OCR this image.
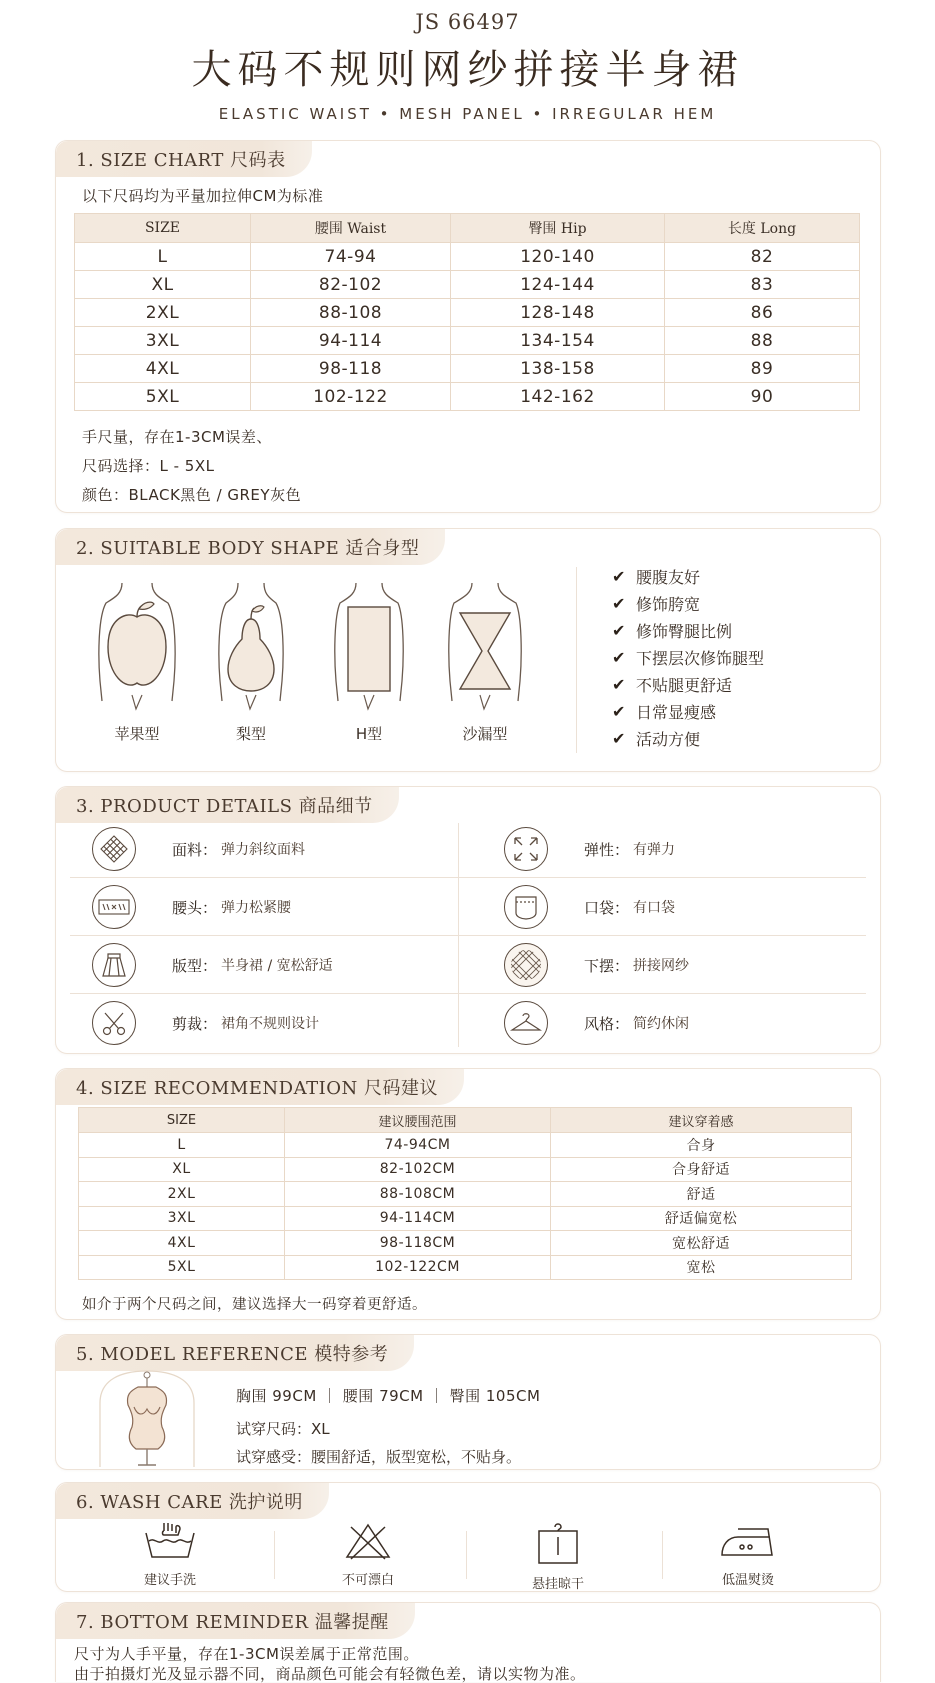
JS 66497
大码不规则网纱拼接半身裙
ELASTIC WAIST • MESH PANEL • IRREGULAR HEM
1. SIZE CHART 尺码表
以下尺码均为平量加拉伸CM为标准
SIZE	腰围 Waist	臀围 Hip	长度 Long
L	74-94	120-140	82
XL	82-102	124-144	83
2XL	88-108	128-148	86
3XL	94-114	134-154	88
4XL	98-118	138-158	89
5XL	102-122	142-162	90
手尺量，存在1-3CM误差、
尺码选择：L - 5XL
颜色：BLACK黑色 / GREY灰色
2. SUITABLE BODY SHAPE 适合身型
苹果型	梨型	H型	沙漏型
✔ 腰腹友好
✔ 修饰胯宽
✔ 修饰臀腿比例
✔ 下摆层次修饰腿型
✔ 不贴腿更舒适
✔ 日常显瘦感
✔ 活动方便
3. PRODUCT DETAILS 商品细节
面料： 弹力斜纹面料	弹性： 有弹力
腰头： 弹力松紧腰	口袋： 有口袋
版型： 半身裙 / 宽松舒适	下摆： 拼接网纱
剪裁： 裙角不规则设计	风格： 简约休闲
4. SIZE RECOMMENDATION 尺码建议
SIZE	建议腰围范围	建议穿着感
L	74-94CM	合身
XL	82-102CM	合身舒适
2XL	88-108CM	舒适
3XL	94-114CM	舒适偏宽松
4XL	98-118CM	宽松舒适
5XL	102-122CM	宽松
如介于两个尺码之间，建议选择大一码穿着更舒适。
5. MODEL REFERENCE 模特参考
胸围 99CM ｜ 腰围 79CM ｜ 臀围 105CM
试穿尺码：XL
试穿感受：腰围舒适，版型宽松，不贴身。
6. WASH CARE 洗护说明
建议手洗	不可漂白	悬挂晾干	低温熨烫
7. BOTTOM REMINDER 温馨提醒
尺寸为人手平量，存在1-3CM误差属于正常范围。
由于拍摄灯光及显示器不同，商品颜色可能会有轻微色差，请以实物为准。
